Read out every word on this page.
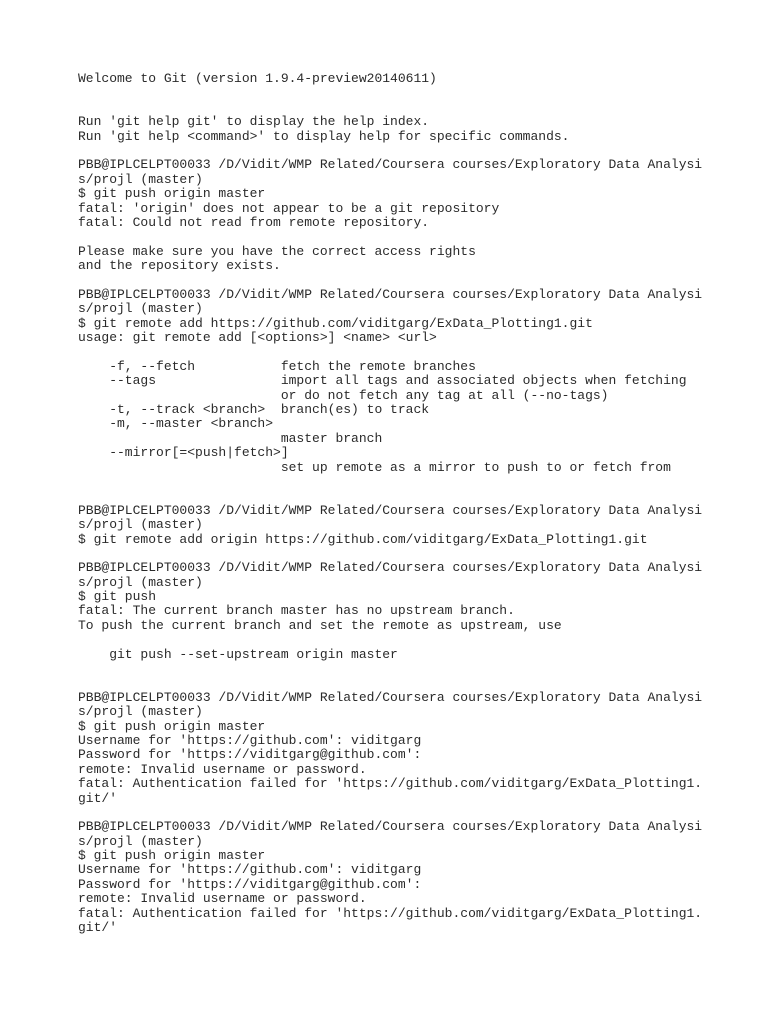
Welcome to Git (version 1.9.4-preview20140611)
Run 'git help git' to display the help index.
Run 'git help <command>' to display help for specific commands.
PBB@IPLCELPT00033 /D/Vidit/WMP Related/Coursera courses/Exploratory Data Analysi
s/projl (master)
$ git push origin master
fatal: 'origin' does not appear to be a git repository
fatal: Could not read from remote repository.
Please make sure you have the correct access rights
and the repository exists.
PBB@IPLCELPT00033 /D/Vidit/WMP Related/Coursera courses/Exploratory Data Analysi
s/projl (master)
$ git remote add https://github.com/viditgarg/ExData_Plotting1.git
usage: git remote add [<options>] <name> <url>
-f, --fetch           fetch the remote branches
--tags                import all tags and associated objects when fetching
or do not fetch any tag at all (--no-tags)
-t, --track <branch>  branch(es) to track
-m, --master <branch>
master branch
--mirror[=<push|fetch>]
set up remote as a mirror to push to or fetch from
PBB@IPLCELPT00033 /D/Vidit/WMP Related/Coursera courses/Exploratory Data Analysi
s/projl (master)
$ git remote add origin https://github.com/viditgarg/ExData_Plotting1.git
PBB@IPLCELPT00033 /D/Vidit/WMP Related/Coursera courses/Exploratory Data Analysi
s/projl (master)
$ git push
fatal: The current branch master has no upstream branch.
To push the current branch and set the remote as upstream, use
git push --set-upstream origin master
PBB@IPLCELPT00033 /D/Vidit/WMP Related/Coursera courses/Exploratory Data Analysi
s/projl (master)
$ git push origin master
Username for 'https://github.com': viditgarg
Password for 'https://viditgarg@github.com':
remote: Invalid username or password.
fatal: Authentication failed for 'https://github.com/viditgarg/ExData_Plotting1.
git/'
PBB@IPLCELPT00033 /D/Vidit/WMP Related/Coursera courses/Exploratory Data Analysi
s/projl (master)
$ git push origin master
Username for 'https://github.com': viditgarg
Password for 'https://viditgarg@github.com':
remote: Invalid username or password.
fatal: Authentication failed for 'https://github.com/viditgarg/ExData_Plotting1.
git/'
